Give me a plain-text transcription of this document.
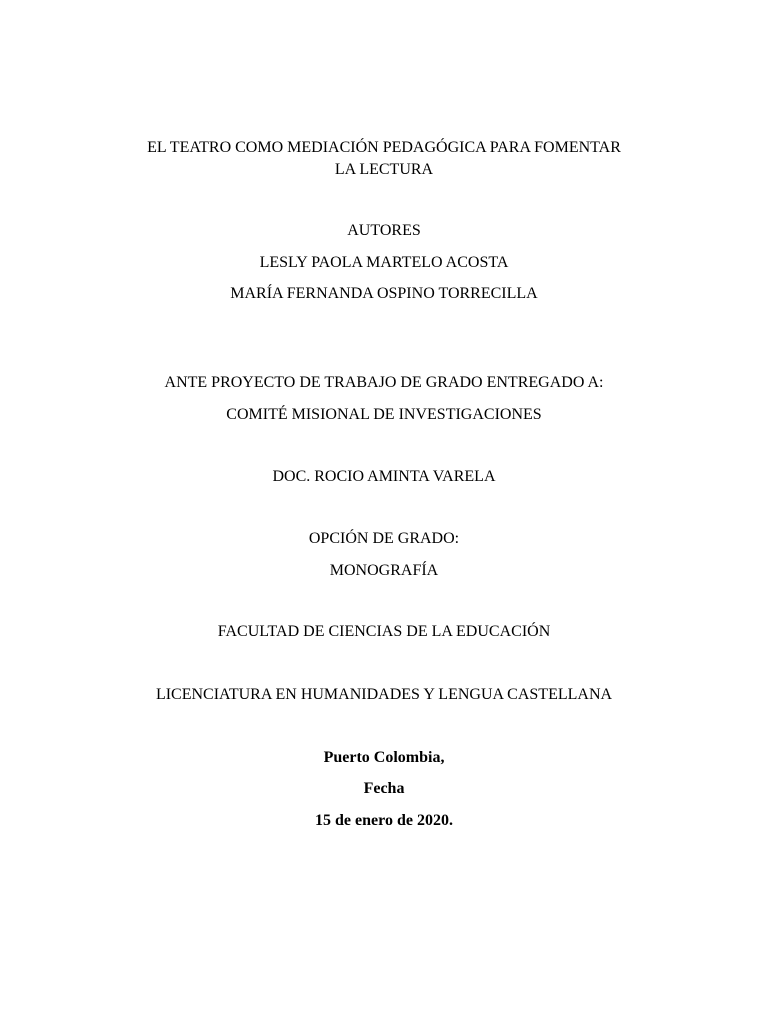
EL TEATRO COMO MEDIACIÓN PEDAGÓGICA PARA FOMENTAR
LA LECTURA
AUTORES
LESLY PAOLA MARTELO ACOSTA
MARÍA FERNANDA OSPINO TORRECILLA
ANTE PROYECTO DE TRABAJO DE GRADO ENTREGADO A:
COMITÉ MISIONAL DE INVESTIGACIONES
DOC. ROCIO AMINTA VARELA
OPCIÓN DE GRADO:
MONOGRAFÍA
FACULTAD DE CIENCIAS DE LA EDUCACIÓN
LICENCIATURA EN HUMANIDADES Y LENGUA CASTELLANA
Puerto Colombia,
Fecha
15 de enero de 2020.
